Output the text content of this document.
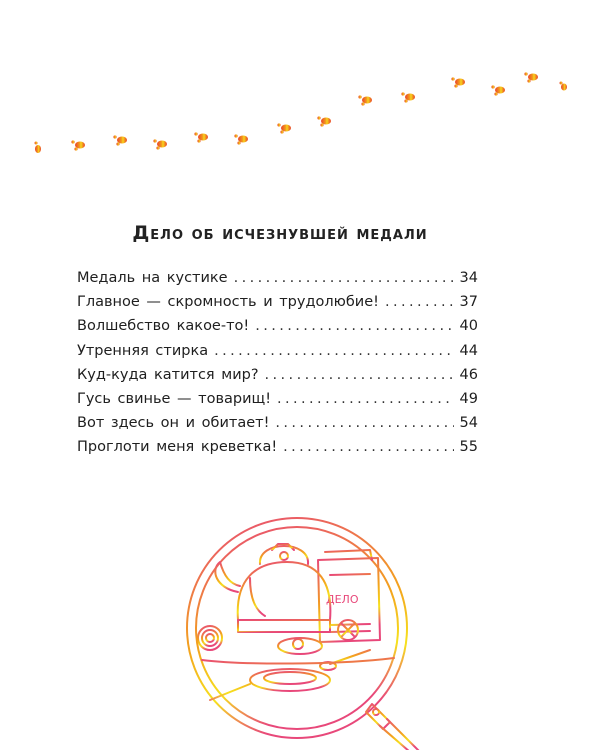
Дело об исчезнувшей медали
Медаль на кустике .....	34
Главное — скромность и трудолюбие! .....	37
Волшебство какое-то! .....	40
Утренняя стирка .....	44
Куд-куда катится мир? .....	46
Гусь свинье — товарищ! .....	49
Вот здесь он и обитает! .....	54
Проглоти меня креветка! .....	55
ДЕЛО
